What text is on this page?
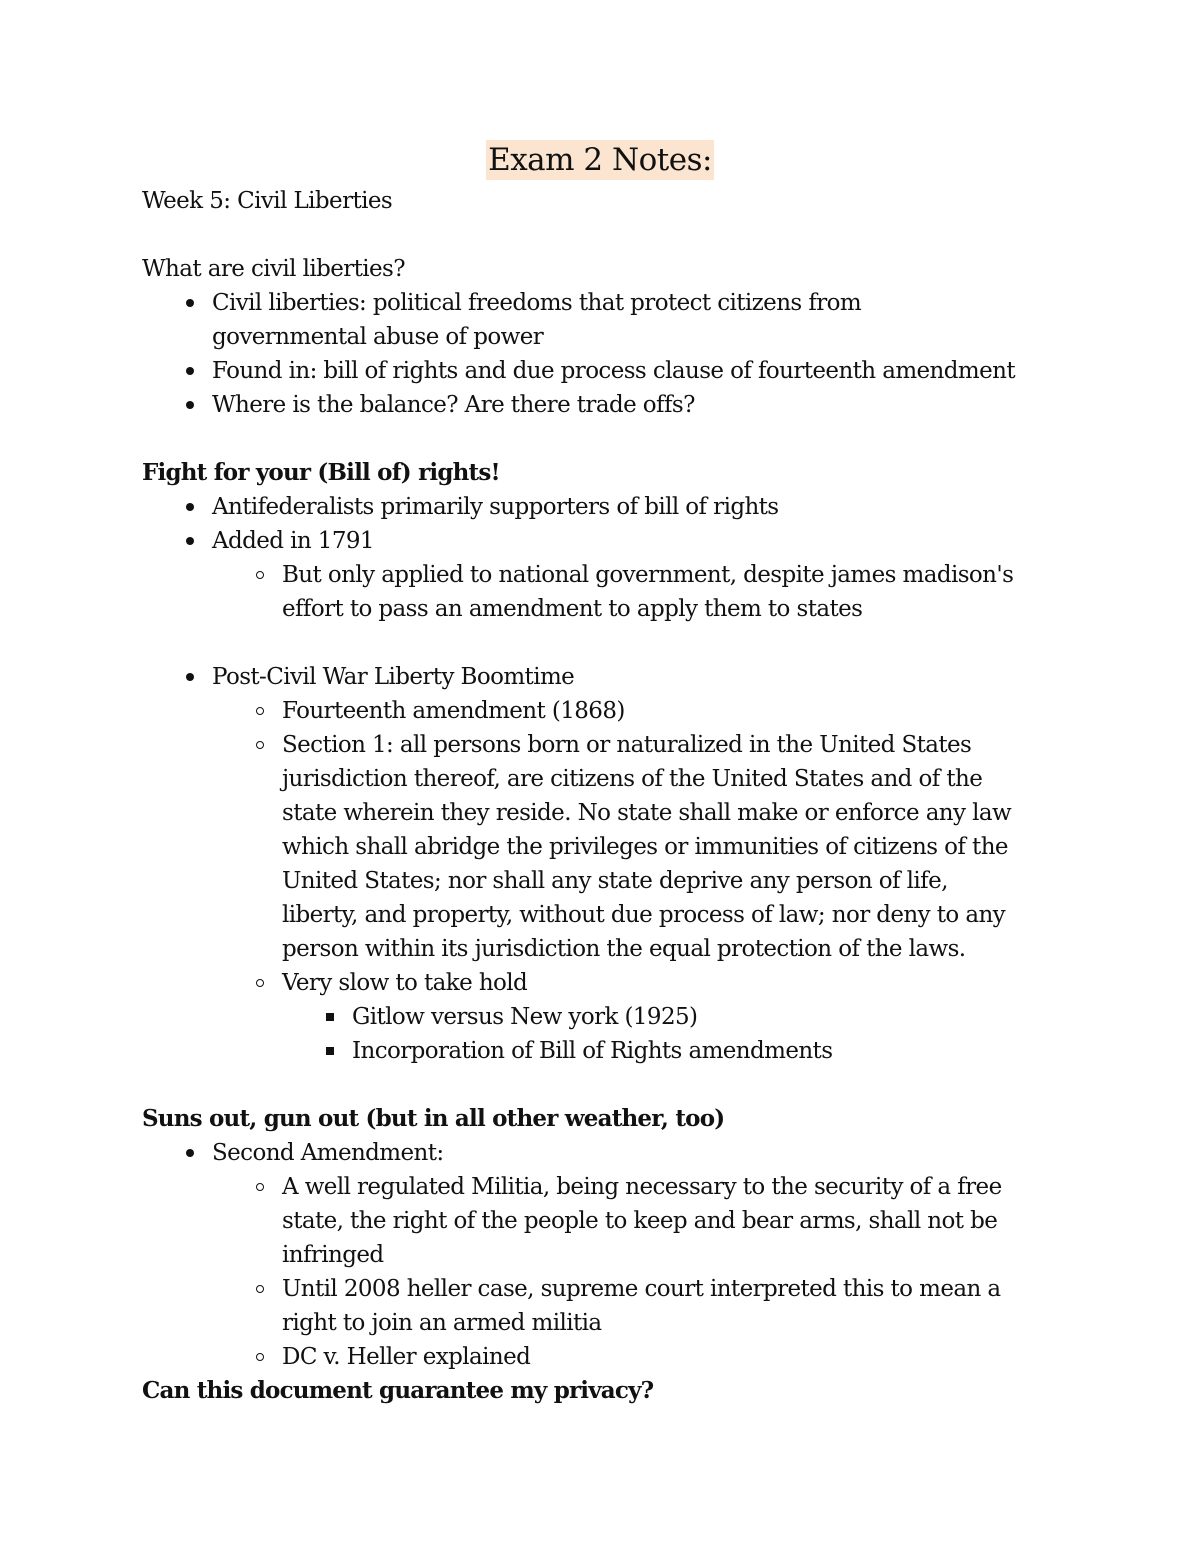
Exam 2 Notes:

Week 5: Civil Liberties

What are civil liberties?

Civil liberties: political freedoms that protect citizens from

governmental abuse of power

Found in: bill of rights and due process clause of fourteenth amendment

Where is the balance? Are there trade offs?

Fight for your (Bill of) rights!

Antifederalists primarily supporters of bill of rights

Added in 1791

But only applied to national government, despite james madison's

effort to pass an amendment to apply them to states

Post-Civil War Liberty Boomtime

Fourteenth amendment (1868)

Section 1: all persons born or naturalized in the United States

jurisdiction thereof, are citizens of the United States and of the

state wherein they reside. No state shall make or enforce any law

which shall abridge the privileges or immunities of citizens of the

United States; nor shall any state deprive any person of life,

liberty, and property, without due process of law; nor deny to any

person within its jurisdiction the equal protection of the laws.

Very slow to take hold

Gitlow versus New york (1925)

Incorporation of Bill of Rights amendments

Suns out, gun out (but in all other weather, too)

Second Amendment:

A well regulated Militia, being necessary to the security of a free

state, the right of the people to keep and bear arms, shall not be

infringed

Until 2008 heller case, supreme court interpreted this to mean a

right to join an armed militia

DC v. Heller explained

Can this document guarantee my privacy?
